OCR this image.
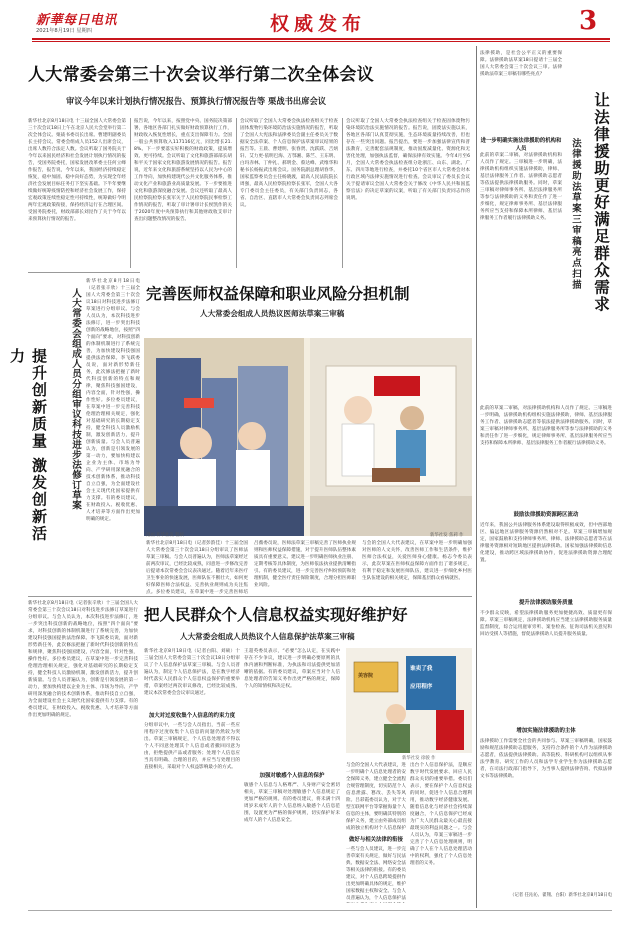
新華每日电讯
2021年8月19日 星期四	权威发布	3
人大常委会第三十次会议举行第二次全体会议
审议今年以来计划执行情况报告、预算执行情况报告等 栗战书出席会议
新华社北京8月18日电 十三届全国人大常委会第三十次会议18日上午在北京人民大会堂举行第二次全体会议。栗战书委员长出席。曹建明副委员长主持会议。常委会组成人员152人出席会议，出席人数符合法定人数。会议听取了国务院关于今年以来国民经济和社会发展计划执行情况的报告，受国务院委托，国家发展改革委主任何立峰作报告，报告说，今年以来，我国经济持续稳定恢复，稳中加固、稳中向好态势，为实现全年经济社会发展目标任务打下坚实基础。下半年要继续做好统筹疫情防控和经济社会发展工作，保持宏观政策连续性稳定性可持续性，统筹做好今明两年宏观政策衔接，保持经济运行在合理区间。受国务院委托，财政部部长刘昆作了关于今年以来预算执行情况的报告。
报告说，今年以来，按照党中央、国务院决策部署，各地区各部门扎实做好财政预算执行工作，财政收入恢复性增长，重点支出保障有力。全国一般公共预算收入117116亿元，同比增长21.8%。下一步要落实好积极的财政政策，提质增效、更可持续。会议听取了文化和旅游部部长胡和平关于国家文化和旅游发展情况的报告。报告说，近年来文化和旅游系统坚持以人民为中心的工作导向，加快构建现代公共文化服务体系，推动文化产业和旅游业高质量发展。下一步要推进文化和旅游深度融合发展。会议还听取了最高人民检察院检察长张军关于人民检察院民事检察工作情况的报告，听取了审计署审计长侯凯作的关于2020年度中央预算执行和其他财政收支审计查出问题整改情况的报告。
会议听取了全国人大常委会执法检查组关于检查固体废物污染环境防治法实施情况的报告，听取了全国人大宪法和法律委员会副主任委员关于数据安全法草案、个人信息保护法草案审议结果的报告等。王晨、曹建明、张春贤、沈跃跃、吉炳轩、艾力更·依明巴海、万鄂湘、陈竺、王东明、白玛赤林、丁仲礼、郝明金、蔡达峰、武维华和秘书长杨振武出席会议。国务院副总理胡春华，国家监察委员会主任杨晓渡，最高人民法院院长周强，最高人民检察院检察长张军，全国人大各专门委员会主任委员，有关部门负责同志，各省、自治区、直辖市人大常委会负责同志列席会议。
会议听取了全国人大常委会执法检查组关于检查固体废物污染环境防治法实施情况的报告。报告说，固废法实施以来，各地区各部门认真贯彻实施，生态环境质量持续改善，但也存在一些突出问题。报告提出，要进一步加强法律宣传和普法教育，完善配套法规制度，推动固废减量化、资源化和无害化处理，加强执法监督，确保法律有效实施。今年4月至6月，全国人大常委会执法检查组分赴浙江、山东、湖北、广东、四川等地进行检查，并委托10个省区市人大常委会对本行政区域内法律实施情况进行检查。会议审议了委员长会议关于提请审议全国人大常委会关于修改《中华人民共和国监察官法》的决定草案的议案，听取了有关部门负责同志作的说明。
提升创新质量 激发创新活力	人大常委会组成人员分组审议科技进步法修订草案
新华社北京8月18日电（记者张辛欣）十三届全国人大常委会第三十次会议18日对科技进步法修订草案进行分组审议。与会人员认为，本次科技进步法修订，进一步突出科技创新的战略地位，按照“四个面向”要求，对科技创新的体制机制进行了系统完善，为加快建设科技强国提供法治保障。李飞跃委员说，面对新形势新任务，此次修法把握了新时代科技创新的特点和规律，聚焦科技强国建设，内容全面，针对性强，操作性好。多位委员建议，在草案中进一步完善科技伦理治理相关规定，强化对基础研究的长期稳定支持，健全科技人员激励机制，激发创新活力，提升创新质量。与会人员普遍认为，创新是引领发展的第一动力，要加快构建以企业为主体、市场为导向、产学研用深度融合的技术创新体系，推动科技自立自强，为全面建设社会主义现代化国家提供有力支撑。有的委员建议，在财政投入、税收优惠、人才培养等方面作出更加明确的规定。
完善医师权益保障和职业风险分担机制
人大常委会组成人员热议医师法草案三审稿
漫画 新华社发 程硕	新华社发 焦莉 作
新华社北京8月18日电（记者彭韵佳）十三届全国人大常委会第三十次会议18日分组审议了医师法草案三审稿。与会人员普遍认为，医师法草案经过前两次审议，已经比较成熟，同意进一步修改完善后提请本次常委会会议表决通过。随着近年来医疗卫生事业的快速发展，医师队伍不断壮大，如何更好保障医师合法权益、完善执业规则成为关注焦点。多位委员建议，在草案中进一步完善医师培
吕薇委员说，医师法草案三审稿完善了医师执业规则和医师权益保障措施，对于提升医师队伍整体素质具有重要意义。建议进一步明确医师执业注册、定期考核等具体制度，为医师依法执业提供清晰指引。有的委员建议，进一步完善医疗纠纷预防和处理机制，健全医疗责任保险制度，合理分担医师职业风险。
与会的全国人大代表建议，在草案中进一步明确加强对医师的人文关怀，改善医师工作和生活条件，维护医师合法权益，关爱医师身心健康。杨志今委员表示，此次草案在医师权益保障方面作出了诸多规定，有利于稳定和发展医师队伍，建议进一步细化乡村医生队伍建设的相关规定，保障基层群众看病就医。
把人民群众个人信息权益实现好维护好
人大常委会组成人员热议个人信息保护法草案三审稿
新华社北京8月18日电（记者张辛欣）十三届全国人大常委会第三十次会议18日对科技进步法修订草案进行分组审议。与会人员认为，本次科技进步法修订，进一步突出科技创新的战略地位，按照“四个面向”要求，对科技创新的体制机制进行了系统完善，为加快建设科技强国提供法治保障。李飞跃委员说，面对新形势新任务，此次修法把握了新时代科技创新的特点和规律，聚焦科技强国建设，内容全面，针对性强，操作性好。多位委员建议，在草案中进一步完善科技伦理治理相关规定，强化对基础研究的长期稳定支持，健全科技人员激励机制，激发创新活力，提升创新质量。与会人员普遍认为，创新是引领发展的第一动力，要加快构建以企业为主体、市场为导向、产学研用深度融合的技术创新体系，推动科技自立自强，为全面建设社会主义现代化国家提供有力支撑。有的委员建议，在财政投入、税收优惠、人才培养等方面作出更加明确的规定。
新华社北京8月18日电（记者白阳、刘硕）十三届全国人大常委会第三十次会议18日分组审议了个人信息保护法草案三审稿。与会人员普遍认为，制定个人信息保护法，是在数字经济时代落实人民群众个人信息权益保护的重要举措，草案经过两次审议修改，已经比较成熟，建议本次常委会会议审议通过。
加大对过度收集个人信息的约束力度
分组审议中，一些与会人员指出，当前一些应用程序过度收集个人信息的问题仍然较为突出。草案三审稿规定，个人信息处理者不得以个人不同意处理其个人信息或者撤回同意为由，拒绝提供产品或者服务；处理个人信息应当具有明确、合理的目的，并应当与处理目的直接相关，采取对个人权益影响最小的方式。
王超英委员表示，“必要”怎么认定，在实践中存在不少争议，建议进一步明确必要原则的具体内涵和判断标准，为执法和司法提供更加清晰的依据。有的委员建议，草案应当对个人信息处理者的告知义务作出更严格的规定，保障个人的知情权和决定权。
加强对敏感个人信息的保护
敏感个人信息与人格尊严、人身财产安全密切相关，草案三审稿对处理敏感个人信息规定了更加严格的规则。有的委员建议，将未满十四周岁未成年人的个人信息纳入敏感个人信息范围，设置更为严格的保护规则，切实保护好未成年人的个人信息安全。
美容院
谁卖了我
应用程序
新华社发 徐骏 作
与会的全国人大代表建议，进一步明确个人信息处理者的安全保障义务，建立健全全流程合规管理制度，切实防范个人信息泄露、篡改、丢失等风险。吕彩霞委员认为，对于大型互联网平台等掌握海量个人信息的主体，要明确其特别的保护义务，建立由外部成员组成的独立机构对个人信息保护
做好与相关法律的衔接
一些与会人员建议，进一步完善草案有关规定，做好与民法典、数据安全法、网络安全法等相关法律的衔接。有的委员建议，对个人信息跨境提供作出更加明确具体的规定，维护国家数据主权和安全。与会人员普遍认为，个人信息保护法
出台个人信息保护法，是顺应数字时代发展要求、回应人民群众关切的重要举措。委员们表示，要在保护个人信息权益的同时，促进个人信息合理利用，推动数字经济健康发展。随着信息化与经济社会持续深度融合，个人信息保护已经成为广大人民群众最关心最直接最现实的利益问题之一。与会人员认为，草案三审稿进一步完善了个人信息处理规则，明确了个人在个人信息处理活动中的权利，强化了个人信息处理者的义务。
法律援助，是社会公平正义的重要保障。法律援助法草案18日提请十三届全国人大常委会第三十次会议三审。法律援助法草案三审稿有哪些亮点？
让法律援助更好满足群众需求
法律援助法草案三审稿亮点扫描
进一步明确实施法律援助的机构和人员
此前的草案二审稿，对法律援助机构和人员作了规定。三审稿进一步明确，法律援助机构组织实施法律援助，律师、基层法律服务工作者、法律援助志愿者等依法提供法律援助服务。同时，草案三审稿对律师事务所、基层法律服务所等参与法律援助的义务和责任作了进一步细化，规定律师事务所、基层法律服务所应当支持和保障本所律师、基层法律服务工作者履行法律援助义务。
此前的草案二审稿，对法律援助机构和人员作了规定。三审稿进一步明确，法律援助机构组织实施法律援助，律师、基层法律服务工作者、法律援助志愿者等依法提供法律援助服务。同时，草案三审稿对律师事务所、基层法律服务所等参与法律援助的义务和责任作了进一步细化，规定律师事务所、基层法律服务所应当支持和保障本所律师、基层法律服务工作者履行法律援助义务。
鼓励法律援助资源跨区流动
近年来，我国公共法律服务体系建设取得积极成效，但中西部地区、偏远地区法律服务资源仍然相对不足。草案三审稿增加规定，国家鼓励和支持律师事务所、律师、法律援助志愿者等在法律服务资源相对短缺地区提供法律援助。国家加强法律援助信息化建设，推动跨区域法律援助协作，促进法律援助资源合理配置。
提升法律援助服务质量
不少群众反映，希望法律援助服务更加便捷高效、质量更有保障。草案三审稿规定，法律援助机构应当建立法律援助服务质量监督制度，综合运用庭审旁听、案卷检查、征询司法机关意见和回访受援人等措施，督促法律援助人员提升服务质量。
增加实施法律援助的主体
法律援助工作需要全社会的共同参与。草案三审稿明确，国家鼓励和规范法律援助志愿服务，支持符合条件的个人作为法律援助志愿者，依法提供法律援助。高等院校、科研机构可以组织从事法学教育、研究工作的人员和法学专业学生作为法律援助志愿者，在司法行政部门指导下，为当事人提供法律咨询、代拟法律文书等法律援助。
（记者 任沁沁、翟翔、白阳）新华社北京8月18日电
